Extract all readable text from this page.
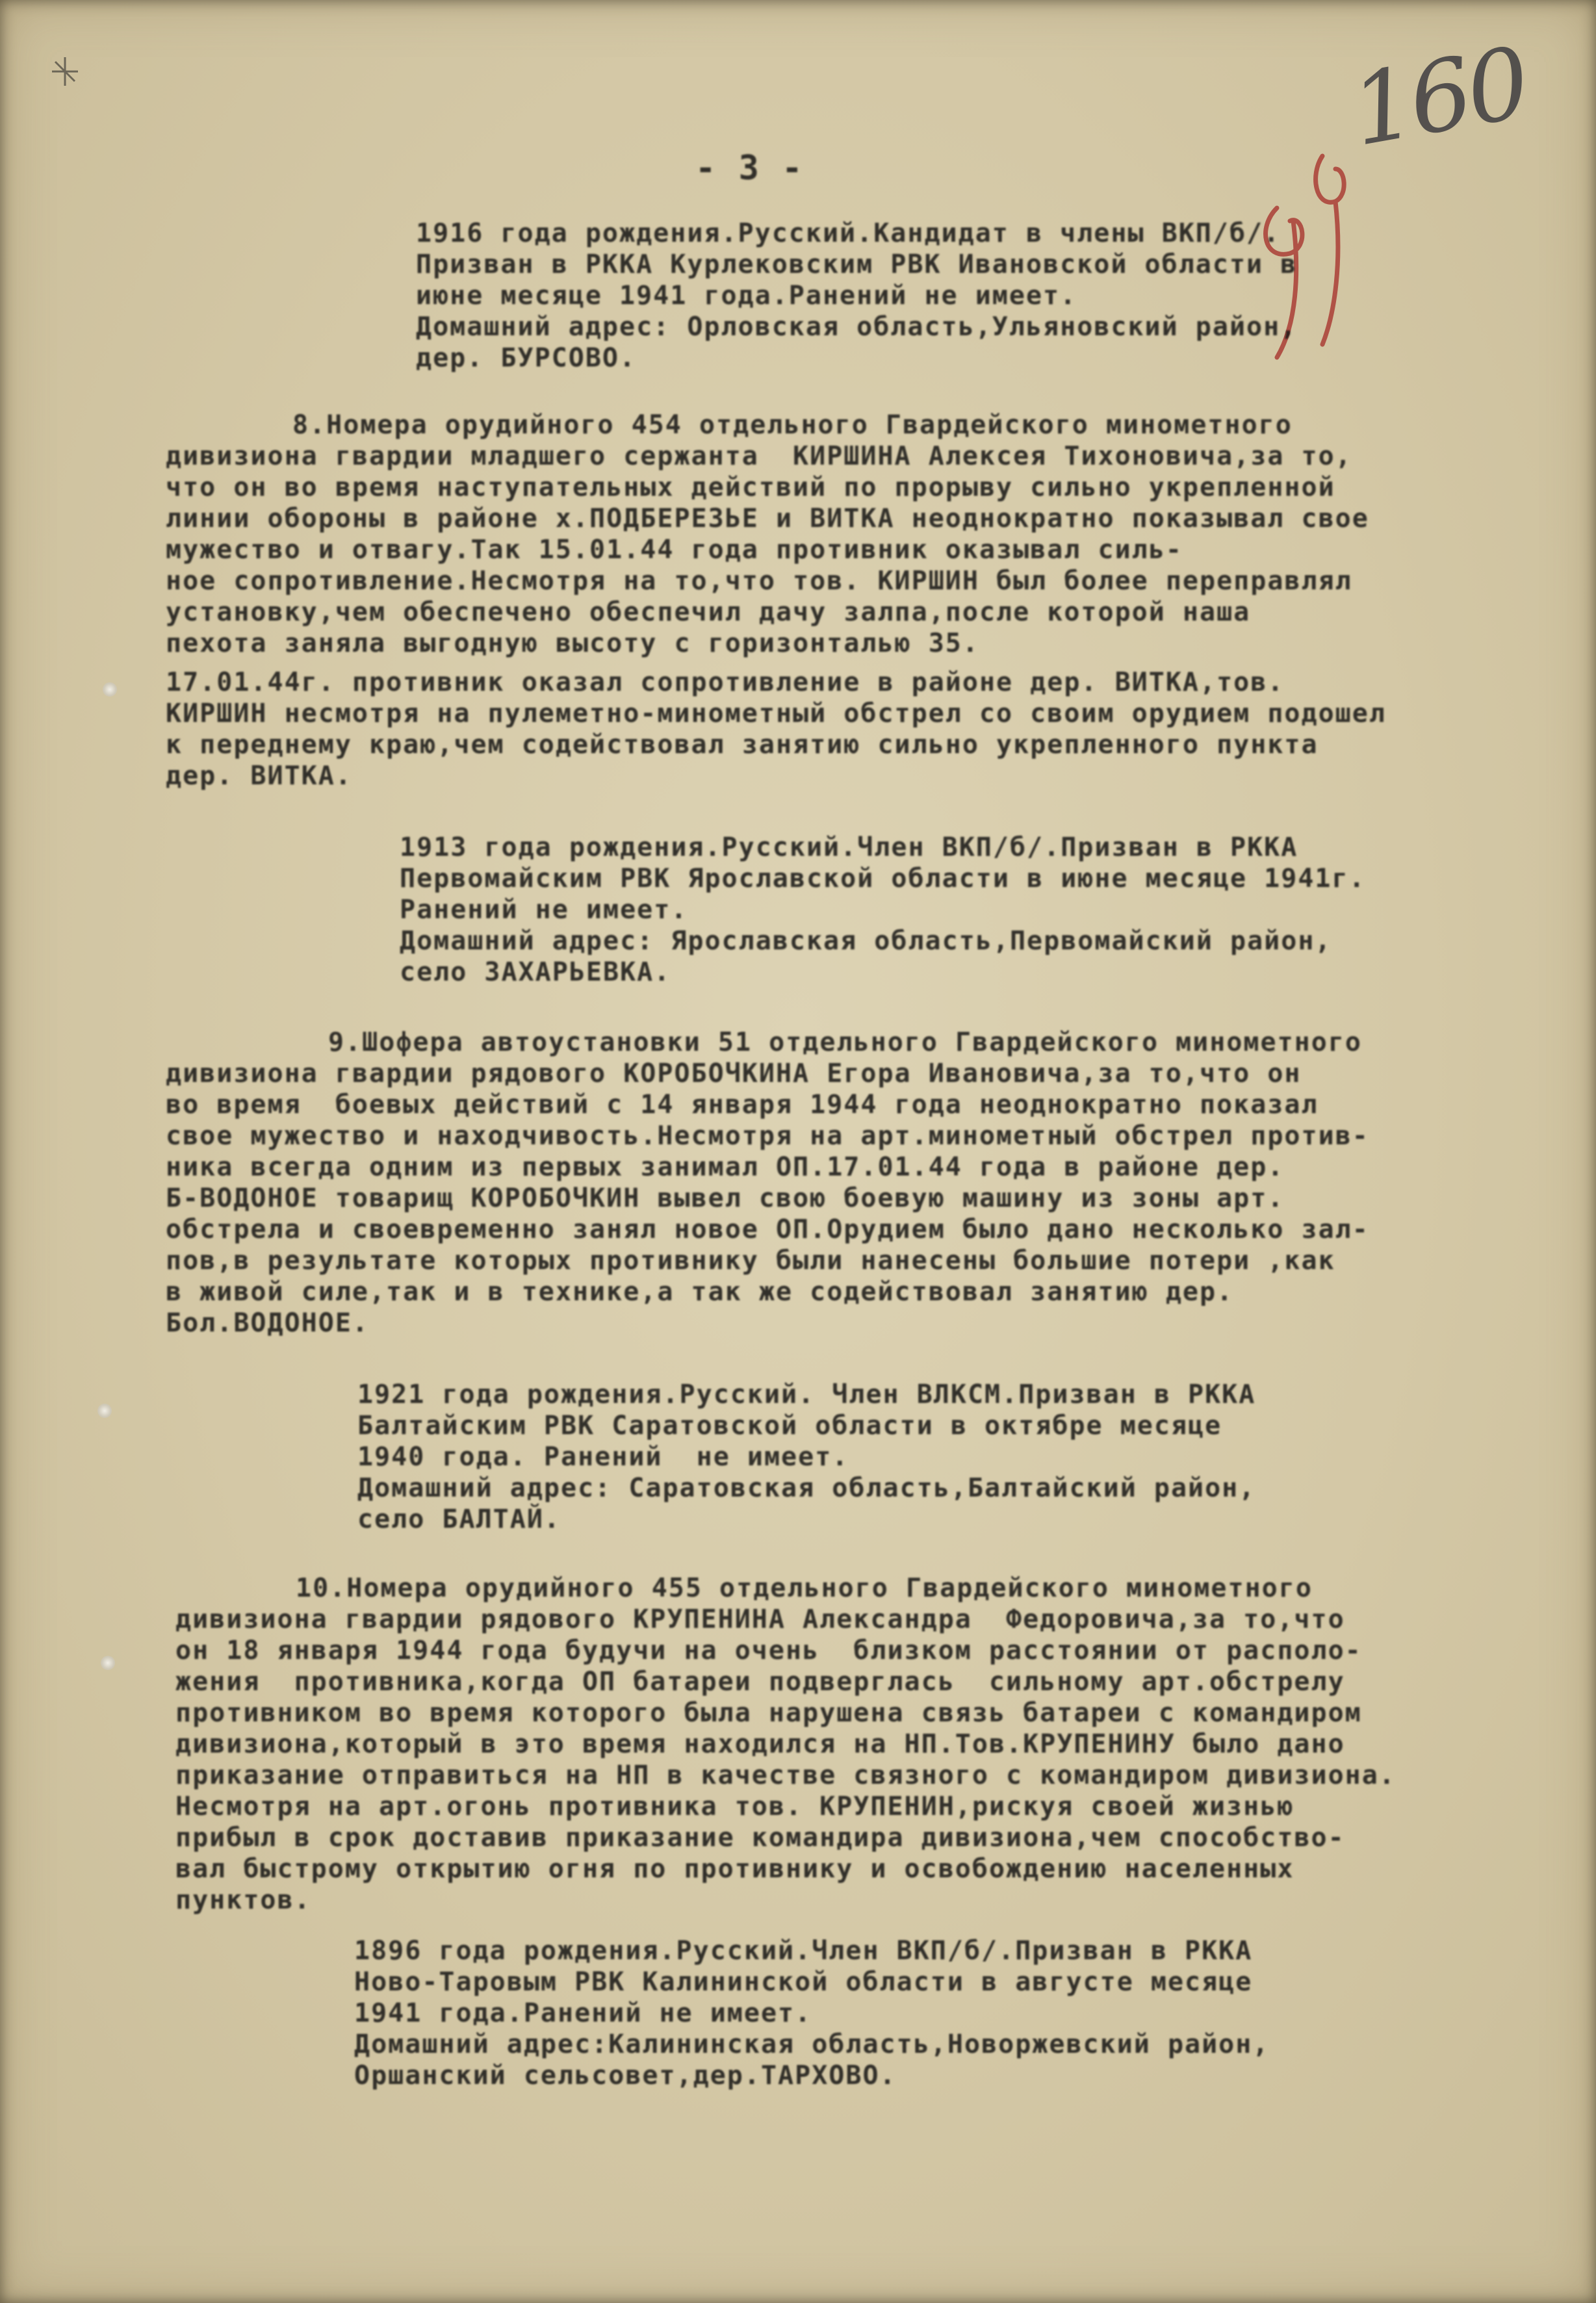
160
- 3 -
1916 года рождения.Русский.Кандидат в члены ВКП/б/.
Призван в РККА Курлековским РВК Ивановской области в
июне месяце 1941 года.Ранений не имеет.
Домашний адрес: Орловская область,Ульяновский район,
дер. БУРСОВО.
8.Номера орудийного 454 отдельного Гвардейского минометного
дивизиона гвардии младшего сержанта  КИРШИНА Алексея Тихоновича,за то,
что он во время наступательных действий по прорыву сильно укрепленной
линии обороны в районе х.ПОДБЕРЕЗЬЕ и ВИТКА неоднократно показывал свое
мужество и отвагу.Так 15.01.44 года противник оказывал силь-
ное сопротивление.Несмотря на то,что тов. КИРШИН был более переправлял
установку,чем обеспечено обеспечил дачу залпа,после которой наша
пехота заняла выгодную высоту с горизонталью 35.
17.01.44г. противник оказал сопротивление в районе дер. ВИТКА,тов.
КИРШИН несмотря на пулеметно-минометный обстрел со своим орудием подошел
к переднему краю,чем содействовал занятию сильно укрепленного пункта
дер. ВИТКА.
1913 года рождения.Русский.Член ВКП/б/.Призван в РККА
Первомайским РВК Ярославской области в июне месяце 1941г.
Ранений не имеет.
Домашний адрес: Ярославская область,Первомайский район,
село ЗАХАРЬЕВКА.
9.Шофера автоустановки 51 отдельного Гвардейского минометного
дивизиона гвардии рядового КОРОБОЧКИНА Егора Ивановича,за то,что он
во время  боевых действий с 14 января 1944 года неоднократно показал
свое мужество и находчивость.Несмотря на арт.минометный обстрел против-
ника всегда одним из первых занимал ОП.17.01.44 года в районе дер.
Б-ВОДОНОЕ товарищ КОРОБОЧКИН вывел свою боевую машину из зоны арт.
обстрела и своевременно занял новое ОП.Орудием было дано несколько зал-
пов,в результате которых противнику были нанесены большие потери ,как
в живой силе,так и в технике,а так же содействовал занятию дер.
Бол.ВОДОНОЕ.
1921 года рождения.Русский. Член ВЛКСМ.Призван в РККА
Балтайским РВК Саратовской области в октябре месяце
1940 года. Ранений  не имеет.
Домашний адрес: Саратовская область,Балтайский район,
село БАЛТАЙ.
10.Номера орудийного 455 отдельного Гвардейского минометного
дивизиона гвардии рядового КРУПЕНИНА Александра  Федоровича,за то,что
он 18 января 1944 года будучи на очень  близком расстоянии от располо-
жения  противника,когда ОП батареи подверглась  сильному арт.обстрелу
противником во время которого была нарушена связь батареи с командиром
дивизиона,который в это время находился на НП.Тов.КРУПЕНИНУ было дано
приказание отправиться на НП в качестве связного с командиром дивизиона.
Несмотря на арт.огонь противника тов. КРУПЕНИН,рискуя своей жизнью
прибыл в срок доставив приказание командира дивизиона,чем способство-
вал быстрому открытию огня по противнику и освобождению населенных
пунктов.
1896 года рождения.Русский.Член ВКП/б/.Призван в РККА
Ново-Таровым РВК Калининской области в августе месяце
1941 года.Ранений не имеет.
Домашний адрес:Калининская область,Новоржевский район,
Оршанский сельсовет,дер.ТАРХОВО.
